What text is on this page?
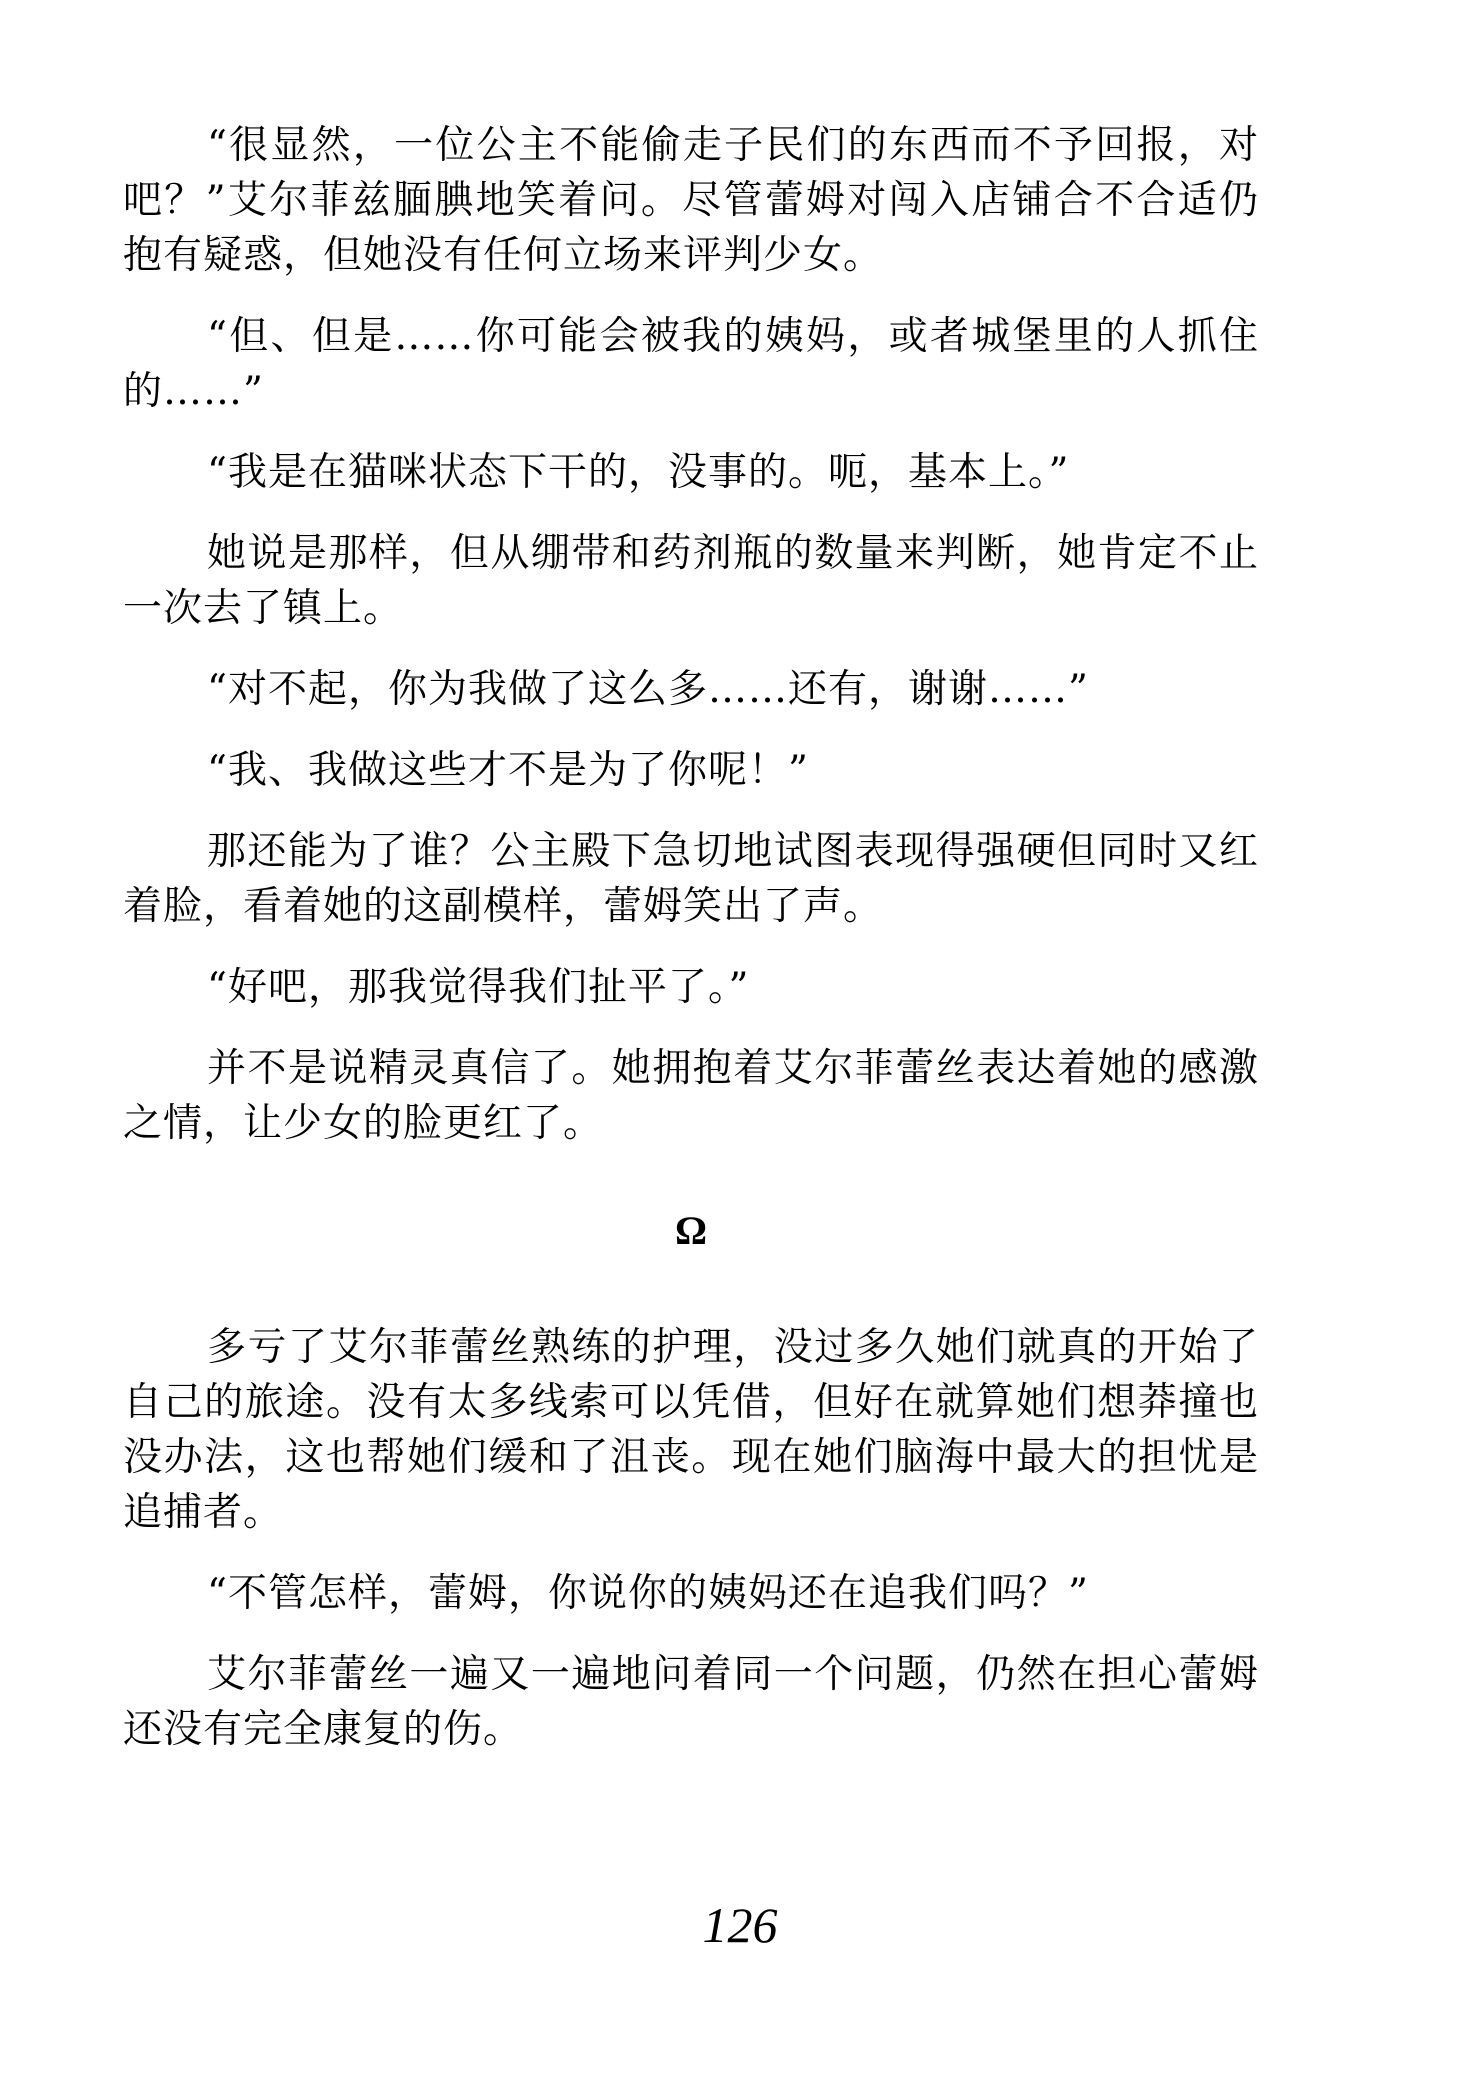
“很显然，一位公主不能偷走子民们的东西而不予回报，对吧？”艾尔菲兹腼腆地笑着问。尽管蕾姆对闯入店铺合不合适仍抱有疑惑，但她没有任何立场来评判少女。

“但、但是……你可能会被我的姨妈，或者城堡里的人抓住的……”

“我是在猫咪状态下干的，没事的。呃，基本上。”

她说是那样，但从绷带和药剂瓶的数量来判断，她肯定不止一次去了镇上。

“对不起，你为我做了这么多……还有，谢谢……”

“我、我做这些才不是为了你呢！”

那还能为了谁？公主殿下急切地试图表现得强硬但同时又红着脸，看着她的这副模样，蕾姆笑出了声。

“好吧，那我觉得我们扯平了。”

并不是说精灵真信了。她拥抱着艾尔菲蕾丝表达着她的感激之情，让少女的脸更红了。

Ω

多亏了艾尔菲蕾丝熟练的护理，没过多久她们就真的开始了自己的旅途。没有太多线索可以凭借，但好在就算她们想莽撞也没办法，这也帮她们缓和了沮丧。现在她们脑海中最大的担忧是追捕者。

“不管怎样，蕾姆，你说你的姨妈还在追我们吗？”

艾尔菲蕾丝一遍又一遍地问着同一个问题，仍然在担心蕾姆还没有完全康复的伤。

126
